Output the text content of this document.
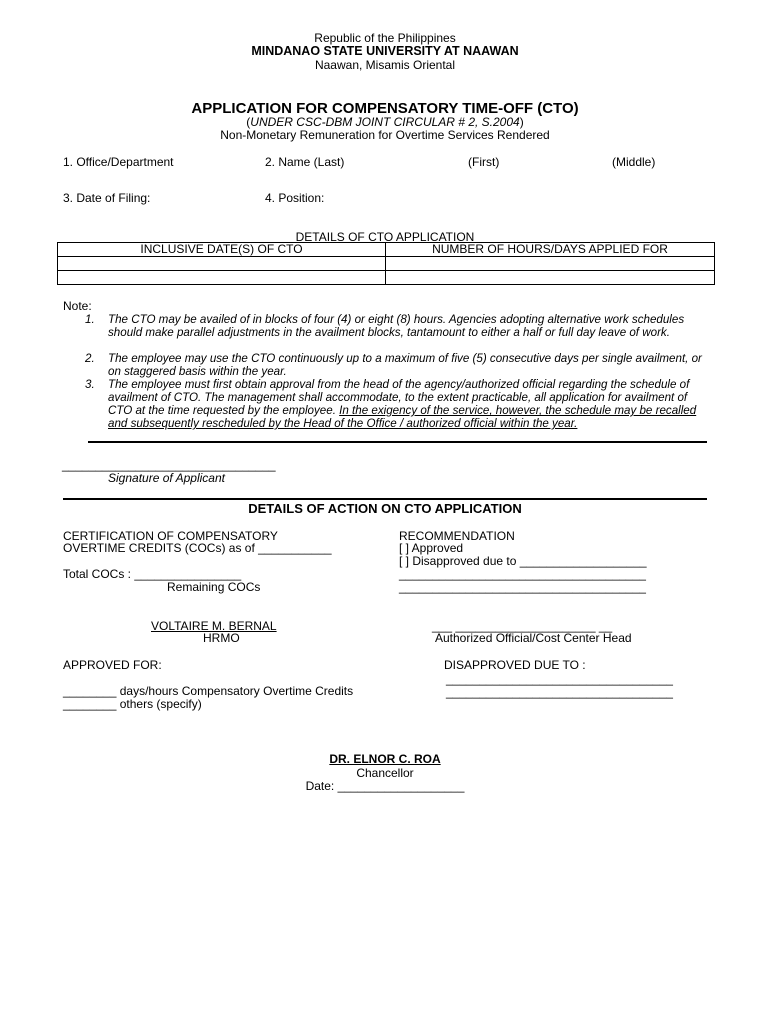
Republic of the Philippines
MINDANAO STATE UNIVERSITY AT NAAWAN
Naawan, Misamis Oriental
APPLICATION FOR COMPENSATORY TIME-OFF (CTO)
(UNDER CSC-DBM JOINT CIRCULAR # 2, S.2004)
Non-Monetary Remuneration for Overtime Services Rendered
1. Office/Department	2. Name (Last)	(First)	(Middle)
3. Date of Filing:	4. Position:
DETAILS OF CTO APPLICATION
INCLUSIVE DATE(S) OF CTO	NUMBER OF HOURS/DAYS APPLIED FOR

Note:
1. The CTO may be availed of in blocks of four (4) or eight (8) hours. Agencies adopting alternative work schedules should make parallel adjustments in the availment blocks, tantamount to either a half or full day leave of work.
2. The employee may use the CTO continuously up to a maximum of five (5) consecutive days per single availment, or on staggered basis within the year.
3. The employee must first obtain approval from the head of the agency/authorized official regarding the schedule of availment of CTO. The management shall accommodate, to the extent practicable, all application for availment of CTO at the time requested by the employee. In the exigency of the service, however, the schedule may be recalled and subsequently rescheduled by the Head of the Office / authorized official within the year.
________________________________
Signature of Applicant
DETAILS OF ACTION ON CTO APPLICATION
CERTIFICATION OF COMPENSATORY
OVERTIME CREDITS (COCs) as of ___________
Total COCs : ________________
Remaining COCs
RECOMMENDATION
[ ] Approved
[ ] Disapproved due to ___________________
_____________________________________
_____________________________________
VOLTAIRE M. BERNAL
HRMO
___ _____________________ __
Authorized Official/Cost Center Head
APPROVED FOR:	DISAPPROVED DUE TO :
__________________________________
__________________________________
________ days/hours Compensatory Overtime Credits
________ others (specify)
DR. ELNOR C. ROA
Chancellor
Date: ___________________
